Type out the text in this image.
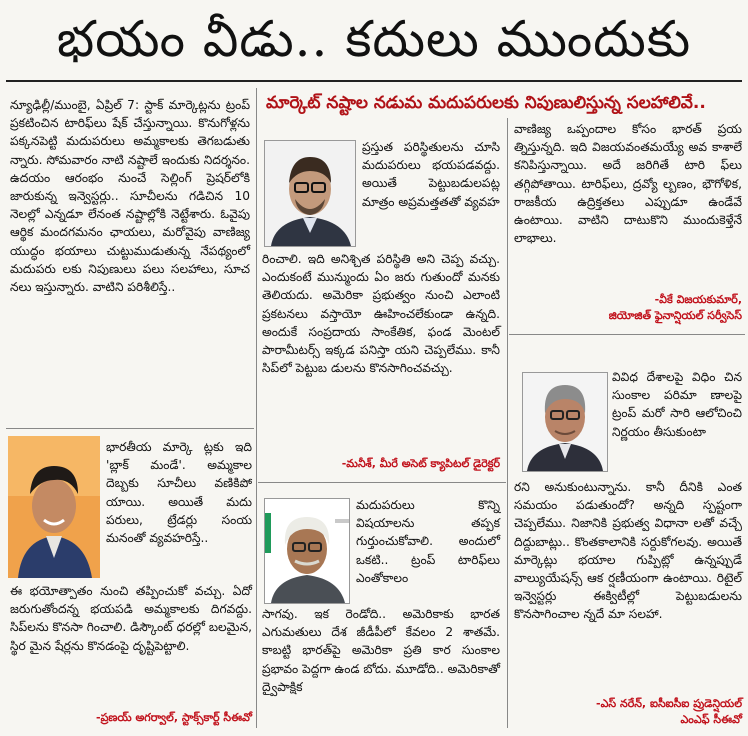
భయం వీడు.. కదులు ముందుకు
మార్కెట్ నష్టాల నడుమ మదుపరులకు నిపుణులిస్తున్న సలహాలివే..
న్యూఢిల్లీ/ముంబై, ఏప్రిల్ 7: స్టాక్ మార్కెట్లను ట్రంప్ ప్రకటించిన టారిఫ్‌లు షేక్ చేస్తున్నాయి. కొనుగోళ్లను పక్కనపెట్టి మదుపరులు అమ్మకాలకు తెగబడుతు న్నారు. సోమవారం నాటి నష్టాలే ఇందుకు నిదర్శనం. ఉదయం ఆరంభం నుంచే సెల్లింగ్ ప్రెషర్‌లోకి జారుకున్న ఇన్వెస్టర్లు.. సూచీలను గడిచిన 10 నెలల్లో ఎన్నడూ లేనంత నష్టాల్లోకి నెట్టేశారు. ఓవైపు ఆర్థిక మందగమనం ఛాయలు, మరోవైపు వాణిజ్య యుద్ధం భయాలు చుట్టుముడుతున్న నేపథ్యంలో మదుపరు లకు నిపుణులు పలు సలహాలు, సూచ నలు ఇస్తున్నారు. వాటిని పరిశీలిస్తే..
భారతీయ మార్కె ట్లకు ఇది 'బ్లాక్ మండే'. అమ్మకాల దెబ్బకు సూచీలు వణికిపో యాయి. అయితే మదు పరులు, ట్రేడర్లు సంయ మనంతో వ్యవహరిస్తే..
ఈ భయోత్పాతం నుంచి తప్పించుకో వచ్చు. ఏదో జరుగుతోందన్న భయపడి అమ్మకాలకు దిగవద్దు. సిప్‌లను కొనసా గించాలి. డిస్కౌంట్ ధరల్లో బలమైన, స్థిర మైన షేర్లను కొనడంపై దృష్టిపెట్టాలి.
-ప్రణయ్ అగర్వాల్, స్టాక్స్‌కార్ట్ సీఈవో
ప్రస్తుత పరిస్థితులను చూసి మదుపరులు భయపడవద్దు. అయితే పెట్టుబడులపట్ల మాత్రం అప్రమత్తతతో వ్యవహ
రించాలి. ఇది అనిశ్చిత పరిస్థితి అని చెప్ప వచ్చు. ఎందుకంటే మున్ముందు ఏం జరు గుతుందో మనకు తెలియదు. అమెరికా ప్రభుత్వం నుంచి ఎలాంటి ప్రకటనలు వస్తాయో ఊహించలేకుండా ఉన్నది. అందుకే సంప్రదాయ సాంకేతిక, ఫండ మెంటల్ పారామీటర్స్ ఇక్కడ పనిస్తా యని చెప్పలేము. కానీ సిప్‌లో పెట్టుబ డులను కొనసాగించవచ్చు.
-మనీశ్, మీరే అసెట్ క్యాపిటల్ డైరెక్టర్
మదుపరులు కొన్ని విషయాలను తప్పక గుర్తుంచుకోవాలి. అందులో ఒకటి.. ట్రంప్ టారిఫ్‌లు ఎంతోకాలం
సాగవు. ఇక రెండోది.. అమెరికాకు భారత ఎగుమతులు దేశ జీడీపీలో కేవలం 2 శాతమే. కాబట్టి భారత్‌పై అమెరికా ప్రతి కార సుంకాల ప్రభావం పెద్దగా ఉండ బోదు. మూడోది.. అమెరికాతో ద్వైపాక్షిక
వాణిజ్య ఒప్పందాల కోసం భారత్ ప్రయ త్నిస్తున్నది. ఇది విజయవంతమయ్యే అవ కాశాలే కనిపిస్తున్నాయి. అదే జరిగితే టారి ఫ్‌లు తగ్గిపోతాయి. టారిఫ్‌లు, ద్రవ్యో ల్బణం, భౌగోళిక, రాజకీయ ఉద్రిక్తతలు ఎప్పుడూ ఉండేవే ఉంటాయి. వాటిని దాటుకొని ముందుకెళ్తేనే లాభాలు.
-వీకే విజయకుమార్,
జియోజిత్ ఫైనాన్షియల్ సర్వీసెస్
వివిధ దేశాలపై విధిం చిన సుంకాల పరిమా ణాలపై ట్రంప్ మరో సారి ఆలోచించి నిర్ణయం తీసుకుంటా
రని అనుకుంటున్నాను. కానీ దీనికి ఎంత సమయం పడుతుందో? అన్నది స్పష్టంగా చెప్పలేము. నిజానికి ప్రభుత్వ విధానా లతో వచ్చే దిద్దుబాట్లు.. కొంతకాలానికి సర్దుకోగలవు. అయితే మార్కెట్లు భయాల గుప్పిట్లో ఉన్నప్పుడే వాల్యుయేషన్స్ ఆక ర్షణీయంగా ఉంటాయి. రిటైల్ ఇన్వెస్టర్లు ఈక్విటీల్లో పెట్టుబడులను కొనసాగించాల న్నదే మా సలహా.
-ఎస్ నరేన్, ఐసీఐసీఐ ప్రుడెన్షియల్
ఎంఎఫ్ సీఈవో
